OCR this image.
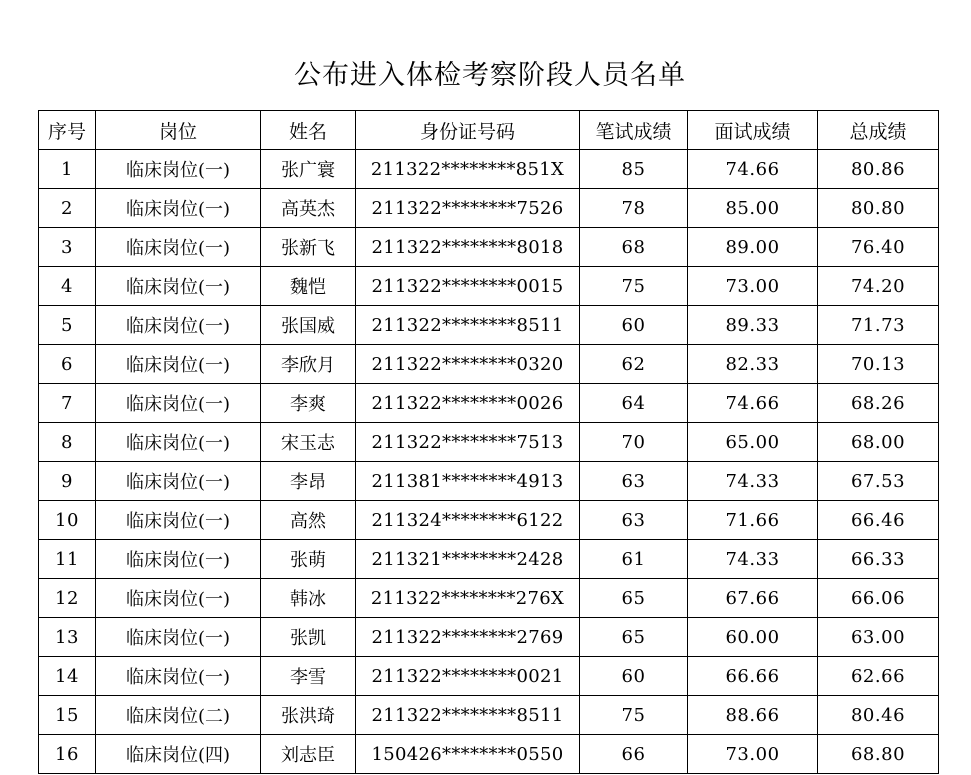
公布进入体检考察阶段人员名单
序号	岗位	姓名	身份证号码	笔试成绩	面试成绩	总成绩
1	临床岗位(一)	张广寰	211322********851X	85	74.66	80.86
2	临床岗位(一)	高英杰	211322********7526	78	85.00	80.80
3	临床岗位(一)	张新飞	211322********8018	68	89.00	76.40
4	临床岗位(一)	魏恺	211322********0015	75	73.00	74.20
5	临床岗位(一)	张国威	211322********8511	60	89.33	71.73
6	临床岗位(一)	李欣月	211322********0320	62	82.33	70.13
7	临床岗位(一)	李爽	211322********0026	64	74.66	68.26
8	临床岗位(一)	宋玉志	211322********7513	70	65.00	68.00
9	临床岗位(一)	李昂	211381********4913	63	74.33	67.53
10	临床岗位(一)	高然	211324********6122	63	71.66	66.46
11	临床岗位(一)	张萌	211321********2428	61	74.33	66.33
12	临床岗位(一)	韩冰	211322********276X	65	67.66	66.06
13	临床岗位(一)	张凯	211322********2769	65	60.00	63.00
14	临床岗位(一)	李雪	211322********0021	60	66.66	62.66
15	临床岗位(二)	张洪琦	211322********8511	75	88.66	80.46
16	临床岗位(四)	刘志臣	150426********0550	66	73.00	68.80
